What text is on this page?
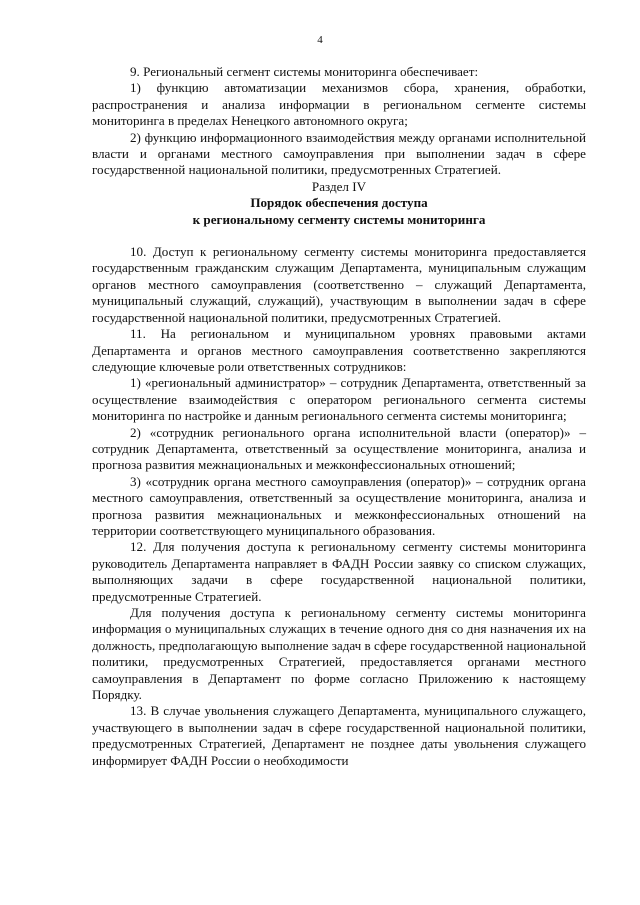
4

9. Региональный сегмент системы мониторинга обеспечивает:

1) функцию автоматизации механизмов сбора, хранения, обработки, распространения и анализа информации в региональном сегменте системы мониторинга в пределах Ненецкого автономного округа;

2) функцию информационного взаимодействия между органами исполнительной власти и органами местного самоуправления при выполнении задач в сфере государственной национальной политики, предусмотренных Стратегией.

Раздел IV

Порядок обеспечения доступа

к региональному сегменту системы мониторинга

10. Доступ к региональному сегменту системы мониторинга предоставляется государственным гражданским служащим Департамента, муниципальным служащим органов местного самоуправления (соответственно – служащий Департамента, муниципальный служащий, служащий), участвующим в выполнении задач в сфере государственной национальной политики, предусмотренных Стратегией.

11. На региональном и муниципальном уровнях правовыми актами Департамента и органов местного самоуправления соответственно закрепляются следующие ключевые роли ответственных сотрудников:

1) «региональный администратор» – сотрудник Департамента, ответственный за осуществление взаимодействия с оператором регионального сегмента системы мониторинга по настройке и данным регионального сегмента системы мониторинга;

2) «сотрудник регионального органа исполнительной власти (оператор)» – сотрудник Департамента, ответственный за осуществление мониторинга, анализа и прогноза развития межнациональных и межконфессиональных отношений;

3) «сотрудник органа местного самоуправления (оператор)» – сотрудник органа местного самоуправления, ответственный за осуществление мониторинга, анализа и прогноза развития межнациональных и межконфессиональных отношений на территории соответствующего муниципального образования.

12. Для получения доступа к региональному сегменту системы мониторинга руководитель Департамента направляет в ФАДН России заявку со списком служащих, выполняющих задачи в сфере государственной национальной политики, предусмотренные Стратегией.

Для получения доступа к региональному сегменту системы мониторинга информация о муниципальных служащих в течение одного дня со дня назначения их на должность, предполагающую выполнение задач в сфере государственной национальной политики, предусмотренных Стратегией, предоставляется органами местного самоуправления в Департамент по форме согласно Приложению к настоящему Порядку.

13. В случае увольнения служащего Департамента, муниципального служащего, участвующего в выполнении задач в сфере государственной национальной политики, предусмотренных Стратегией, Департамент не позднее даты увольнения служащего информирует ФАДН России о необходимости
